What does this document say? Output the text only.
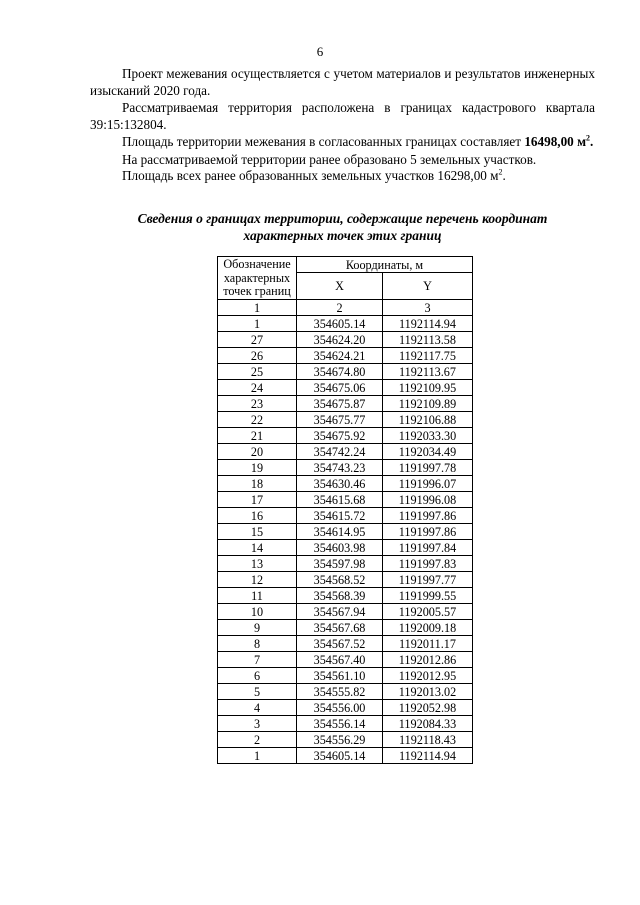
6

Проект межевания осуществляется с учетом материалов и результатов инженерных изысканий 2020 года.

Рассматриваемая территория расположена в границах кадастрового квартала 39:15:132804.

Площадь территории межевания в согласованных границах составляет 16498,00 $м^2$.

На рассматриваемой территории ранее образовано 5 земельных участков.

Площадь всех ранее образованных земельных участков 16298,00 $м^2$.

Сведения о границах территории, содержащие перечень координат
характерных точек этих границ
Обозначение
характерных
точек границ	Координаты, м	
	X	Y
1	2	3
1	354605.14	1192114.94
27	354624.20	1192113.58
26	354624.21	1192117.75
25	354674.80	1192113.67
24	354675.06	1192109.95
23	354675.87	1192109.89
22	354675.77	1192106.88
21	354675.92	1192033.30
20	354742.24	1192034.49
19	354743.23	1191997.78
18	354630.46	1191996.07
17	354615.68	1191996.08
16	354615.72	1191997.86
15	354614.95	1191997.86
14	354603.98	1191997.84
13	354597.98	1191997.83
12	354568.52	1191997.77
11	354568.39	1191999.55
10	354567.94	1192005.57
9	354567.68	1192009.18
8	354567.52	1192011.17
7	354567.40	1192012.86
6	354561.10	1192012.95
5	354555.82	1192013.02
4	354556.00	1192052.98
3	354556.14	1192084.33
2	354556.29	1192118.43
1	354605.14	1192114.94
